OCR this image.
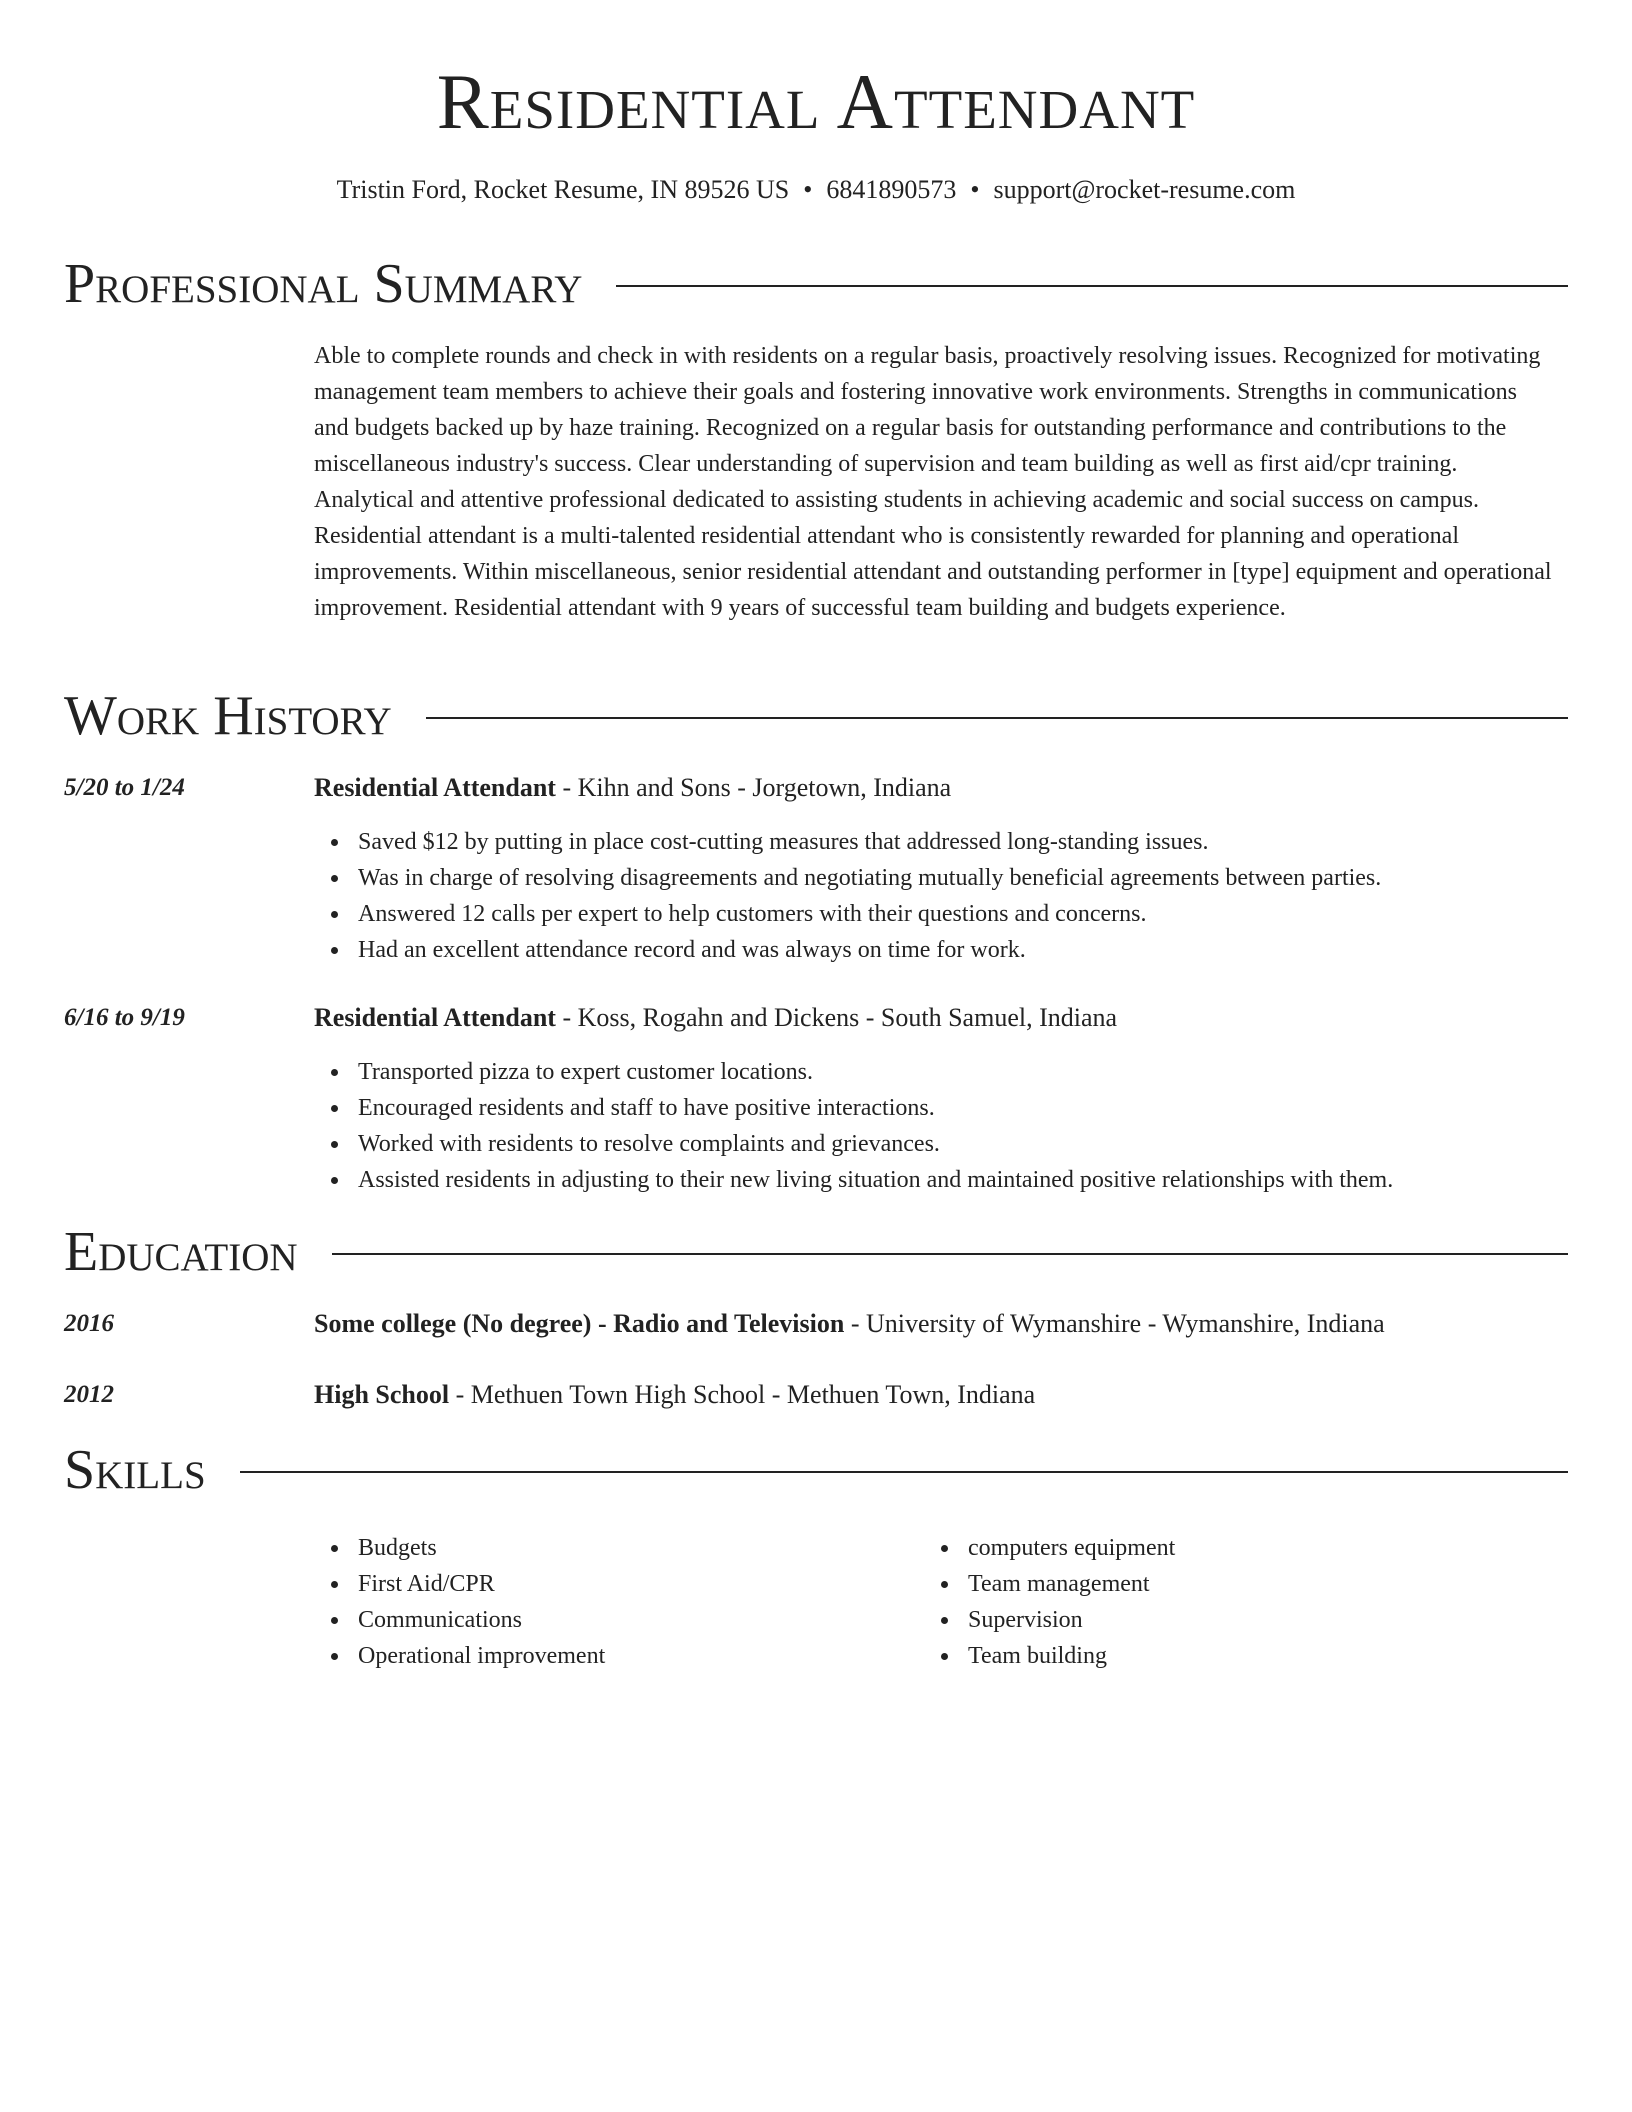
Residential Attendant
Tristin Ford, Rocket Resume, IN 89526 US • 6841890573 • support@rocket-resume.com
Professional Summary

Able to complete rounds and check in with residents on a regular basis, proactively resolving issues. Recognized for motivating management team members to achieve their goals and fostering innovative work environments. Strengths in communications and budgets backed up by haze training. Recognized on a regular basis for outstanding performance and contributions to the miscellaneous industry's success. Clear understanding of supervision and team building as well as first aid/cpr training. Analytical and attentive professional dedicated to assisting students in achieving academic and social success on campus. Residential attendant is a multi-talented residential attendant who is consistently rewarded for planning and operational improvements. Within miscellaneous, senior residential attendant and outstanding performer in [type] equipment and operational improvement. Residential attendant with 9 years of successful team building and budgets experience.

Work History
5/20 to 1/24	Residential Attendant - Kihn and Sons - Jorgetown, Indiana
Saved $12 by putting in place cost-cutting measures that addressed long-standing issues.
Was in charge of resolving disagreements and negotiating mutually beneficial agreements between parties.
Answered 12 calls per expert to help customers with their questions and concerns.
Had an excellent attendance record and was always on time for work.
6/16 to 9/19	Residential Attendant - Koss, Rogahn and Dickens - South Samuel, Indiana
Transported pizza to expert customer locations.
Encouraged residents and staff to have positive interactions.
Worked with residents to resolve complaints and grievances.
Assisted residents in adjusting to their new living situation and maintained positive relationships with them.
Education
2016	Some college (No degree) - Radio and Television - University of Wymanshire - Wymanshire, Indiana
2012	High School - Methuen Town High School - Methuen Town, Indiana
Skills
Budgets
First Aid/CPR
Communications
Operational improvement
computers equipment
Team management
Supervision
Team building
